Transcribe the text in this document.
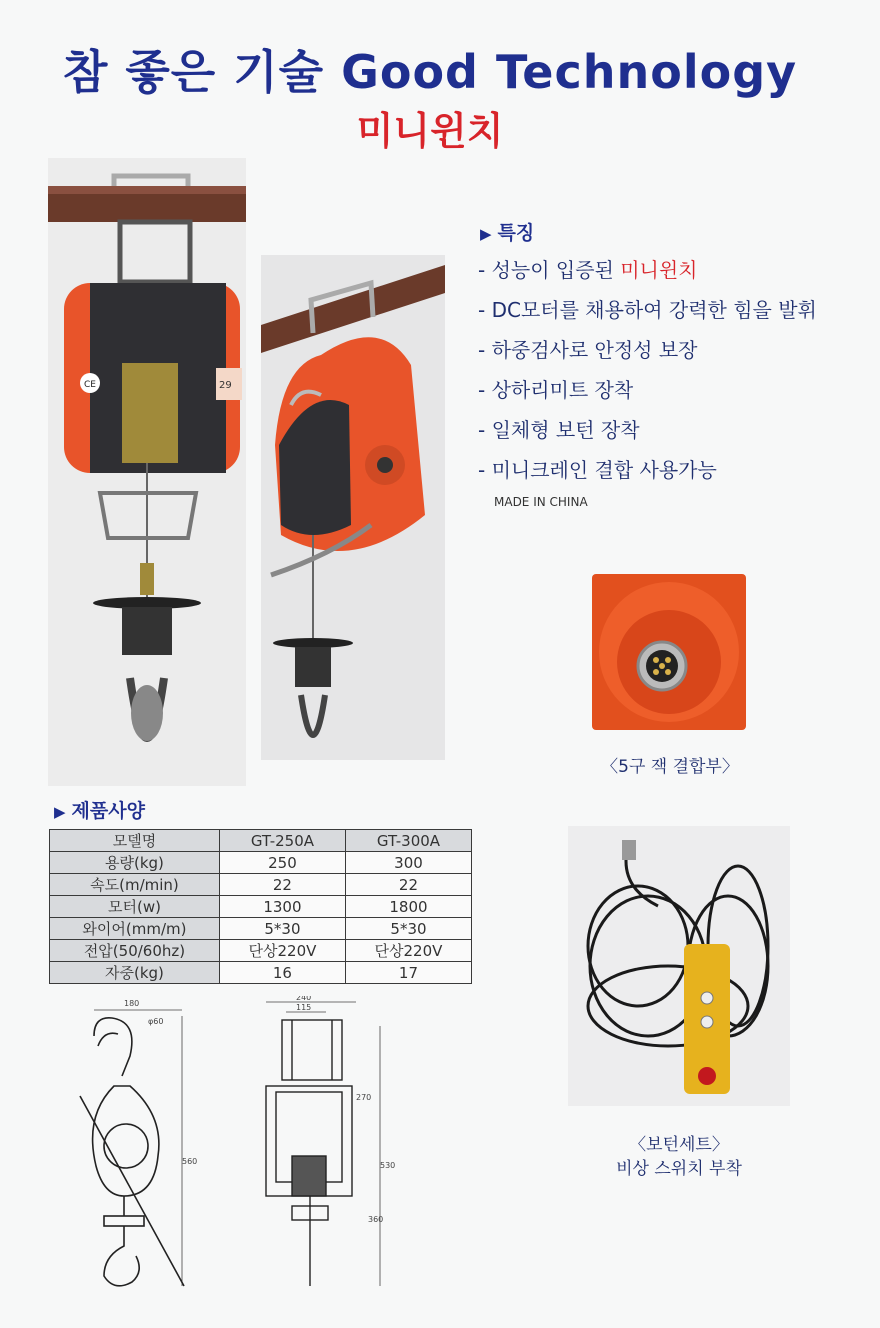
참 좋은 기술 Good Technology
미니윈치
CE	29
▶ 특징
- 성능이 입증된 미니윈치
- DC모터를 채용하여 강력한 힘을 발휘
- 하중검사로 안정성 보장
- 상하리미트 장착
- 일체형 보턴 장착
- 미니크레인 결합 사용가능
MADE IN CHINA
〈5구 잭 결합부〉
▶ 제품사양
모델명	GT-250A	GT-300A
용량(kg)	250	300
속도(m/min)	22	22
모터(w)	1300	1800
와이어(mm/m)	5*30	5*30
전압(50/60hz)	단상220V	단상220V
자중(kg)	16	17
〈보턴세트〉
비상 스위치 부착
180
φ60
560
240
115
270
530
360
